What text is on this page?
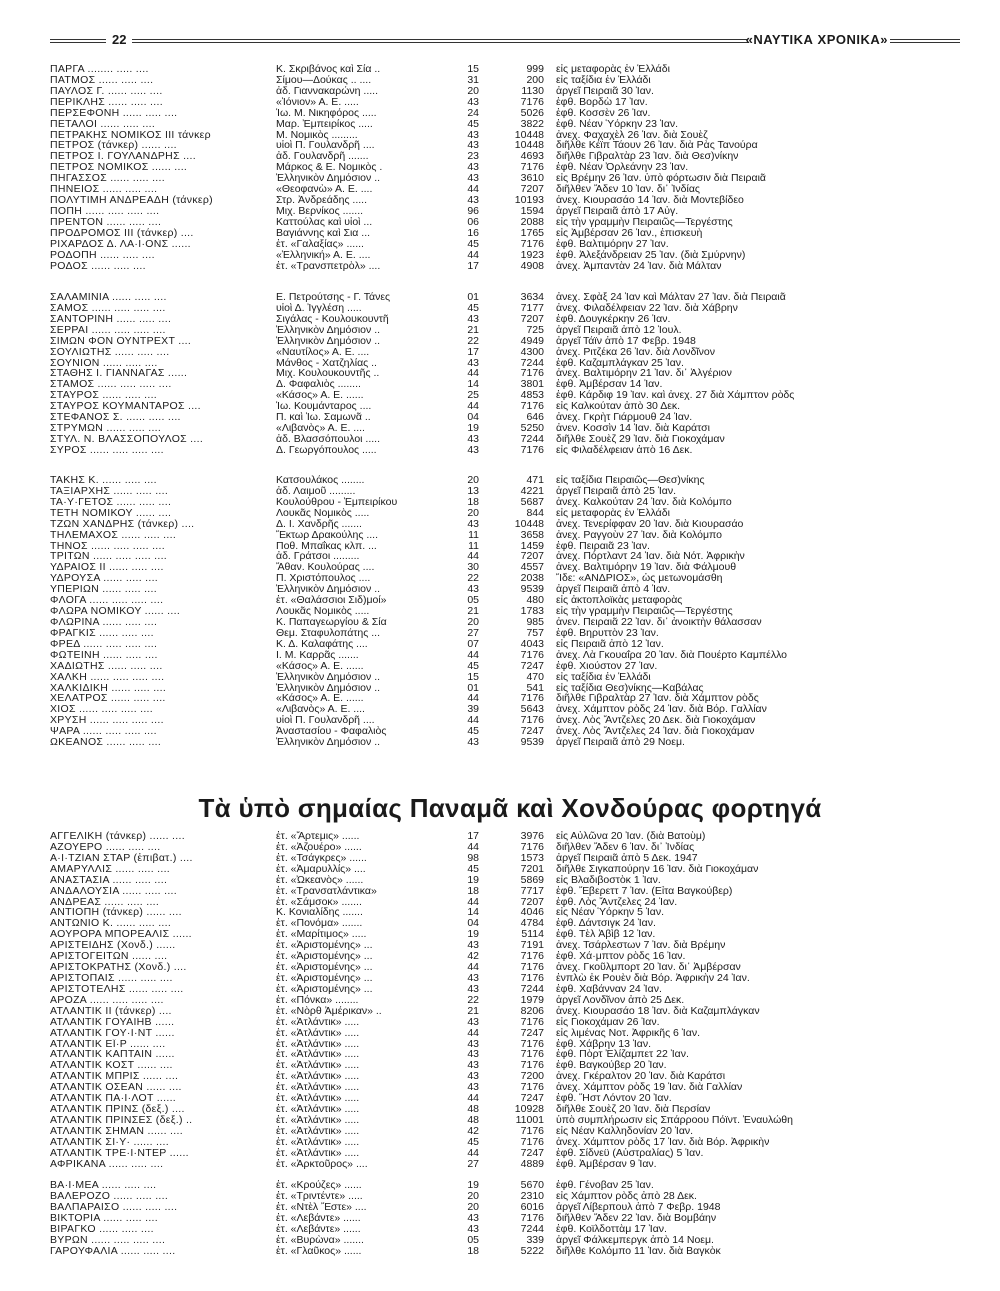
22	«ΝΑΥΤΙΚΑ ΧΡΟΝΙΚΑ»
ΠΑΡΓΑ ........ ..... ....	Κ. Σκριβάνος καὶ Σία ..	15	999 εἰς μεταφορὰς ἐν Ἑλλάδι
ΠΑΤΜΟΣ ...... ..... ....	Σίμου—Δούκας .. ....	31	200 εἰς ταξίδια ἐν Ἑλλάδι
ΠΑΥΛΟΣ Γ. ...... ..... ....	ἀδ. Γιαννακαρώνη .....	20	1130 ἀργεῖ Πειραιᾶ 30 Ἰαν.
ΠΕΡΙΚΛΗΣ ...... ..... ....	«Ἰόνιον» Α. Ε. .....	43	7176 ἐφθ. Βορδὼ 17 Ἰαν.
ΠΕΡΣΕΦΟΝΗ ...... ..... ....	Ἰω. Μ. Νικηφόρος .....	24	5026 ἐφθ. Κοσσὲν 26 Ἰαν.
ΠΕΤΑΛΟΙ ...... ..... ....	Μαρ. Ἐμπειρίκος .....	45	3822 ἐφθ. Νέαν Ὑόρκην 23 Ἰαν.
ΠΕΤΡΑΚΗΣ ΝΟΜΙΚΟΣ ΙΙΙ τάνκερ	Μ. Νομικὸς .........	43	10448 ἀνεχ. Φαχαχὲλ 26 Ἰαν. διὰ Σουὲζ
ΠΕΤΡΟΣ (τάνκερ) ...... ....	υἱοὶ Π. Γουλανδρῆ ....	43	10448 διῆλθε Κέϊπ Τάουν 26 Ἰαν. διὰ Ρὰς Τανούρα
ΠΕΤΡΟΣ Ι. ΓΟΥΛΑΝΔΡΗΣ ....	ἀδ. Γουλανδρῆ .......	23	4693 διῆλθε Γιβραλτὰρ 23 Ἰαν. διὰ Θεσ)νίκην
ΠΕΤΡΟΣ ΝΟΜΙΚΟΣ ...... ....	Μάρκος & Ε. Νομικὸς .	43	7176 ἐφθ. Νέαν Ὀρλεάνην 23 Ἰαν.
ΠΗΓΑΣΣΟΣ ...... ..... ....	Ἑλληνικὸν Δημόσιον ..	43	3610 εἰς Βρέμην 26 Ἰαν. ὑπὸ φόρτωσιν διὰ Πειραιᾶ
ΠΗΝΕΙΟΣ ...... ..... ....	«Θεοφανὼ» Α. Ε. ....	44	7207 διῆλθεν Ἄδεν 10 Ἰαν. δι᾽ Ἰνδίας
ΠΟΛΥΤΙΜΗ ΑΝΔΡΕΑΔΗ (τάνκερ)	Στρ. Ἀνδρεάδης .....	43	10193 ἀνεχ. Κιουρασάο 14 Ἰαν. διὰ Μοντεβίδεο
ΠΟΠΗ ...... ..... ..... ....	Μιχ. Βερνίκος .......	96	1594 ἀργεῖ Πειραιᾶ ἀπὸ 17 Αὐγ.
ΠΡΕΝΤΟΝ ...... ..... ....	Καττούλας καὶ υἱοὶ ...	06	2088 εἰς τὴν γραμμὴν Πειραιῶς—Τεργέστης
ΠΡΟΔΡΟΜΟΣ ΙΙΙ (τάνκερ) ....	Βαγιάννης καὶ Σια ...	16	1765 εἰς Ἀμβέρσαν 26 Ἰαν., ἐπισκευὴ
ΡΙΧΑΡΔΟΣ Δ. ΛΑ·Ι·ΟΝΣ ......	ἑτ. «Γαλαξίας» ......	45	7176 ἐφθ. Βαλτιμόρην 27 Ἰαν.
ΡΟΔΟΠΗ ...... ..... ....	«Ἑλληνική» Α. Ε. ....	44	1923 ἐφθ. Ἀλεξάνδρειαν 25 Ἰαν. (διὰ Σμύρνην)
ΡΟΔΟΣ ...... ..... ....	ἑτ. «Τρανσπετρὸλ» ....	17	4908 ἀνεχ. Ἀμπαντὰν 24 Ἰαν. διὰ Μάλταν
ΣΑΛΑΜΙΝΙΑ ...... ..... ....	Ε. Πετρούτσης - Γ. Τάνες	01	3634 ἀνεχ. Σφὰξ 24 Ἰαν καὶ Μάλταν 27 Ἰαν. διὰ Πειραιᾶ
ΣΑΜΟΣ ...... ..... ..... ....	υἱοὶ Δ. Ἰγγλέση .....	45	7177 ἀνεχ. Φιλαδέλφειαν 22 Ἰαν. διὰ Χάβρην
ΣΑΝΤΟΡΙΝΗ ...... ..... ....	Σιγάλας - Κουλουκουντῆ	43	7207 ἐφθ. Δουγκέρκην 26 Ἰαν.
ΣΕΡΡΑΙ ...... ..... ..... ....	Ἑλληνικὸν Δημόσιον ..	21	725 ἀργεῖ Πειραιᾶ ἀπὸ 12 Ἰουλ.
ΣΙΜΩΝ ΦΟΝ ΟΥΝΤΡΕΧΤ ....	Ἑλληνικὸν Δημόσιον ..	22	4949 ἀργεῖ Τάϊν ἀπὸ 17 Φεβρ. 1948
ΣΟΥΛΙΩΤΗΣ ...... ..... ....	«Ναυτίλος» Α. Ε. ....	17	4300 ἀνεχ. Ριτζέκα 26 Ἰαν. διὰ Λονδῖνον
ΣΟΥΝΙΟΝ ...... ..... ....	Μάνθος - Χατζηλίας ..	43	7244 ἐφθ. Καζαμπλάγκαν 25 Ἰαν.
ΣΤΑΘΗΣ Ι. ΓΙΑΝΝΑΓΑΣ ......	Μιχ. Κουλουκουντῆς ..	44	7176 ἀνεχ. Βαλτιμόρην 21 Ἰαν. δι᾽ Ἀλγέριον
ΣΤΑΜΟΣ ...... ..... ..... ....	Δ. Φαφαλιὸς ........	14	3801 ἐφθ. Ἀμβέρσαν 14 Ἰαν.
ΣΤΑΥΡΟΣ ...... ..... ....	«Κάσος» Α. Ε. ......	25	4853 ἐφθ. Κάρδιφ 19 Ἰαν. καὶ ἀνεχ. 27 διὰ Χάμπτον ρὸδς
ΣΤΑΥΡΟΣ ΚΟΥΜΑΝΤΑΡΟΣ ....	Ἰω. Κουμάνταρος ....	44	7176 εἰς Καλκούταν ἀπὸ 30 Δεκ.
ΣΤΕΦΑΝΟΣ Σ. ...... ..... ....	Π. καὶ Ἰω. Σαμωνᾶ ..	04	646 ἀνεχ. Γκρὴτ Γιάρμουθ 24 Ἰαν.
ΣΤΡΥΜΩΝ ...... ..... ....	«Λιβανὸς» Α. Ε. ....	19	5250 ἀνεν. Κοσσὶν 14 Ἰαν. διὰ Καράτσι
ΣΤΥΛ. Ν. ΒΛΑΣΣΟΠΟΥΛΟΣ ....	ἀδ. Βλασσόπουλοι .....	43	7244 διῆλθε Σουὲζ 29 Ἰαν. διὰ Γιοκοχάμαν
ΣΥΡΟΣ ...... ..... ..... ....	Δ. Γεωργόπουλος .....	43	7176 εἰς Φιλαδέλφειαν ἀπὸ 16 Δεκ.
ΤΑΚΗΣ Κ. ...... ..... ....	Κατσουλάκος ........	20	471 εἰς ταξίδια Πειραιῶς—Θεσ)νίκης
ΤΑΞΙΑΡΧΗΣ ...... ..... ....	ἀδ. Λαιμοῦ .........	13	4221 ἀργεῖ Πειραιᾶ ἀπὸ 25 Ἰαν.
ΤΑ·Υ·ΓΕΤΟΣ ...... ..... ....	Κουλούθρου - Ἐμπειρίκου	18	5687 ἀνεχ. Καλκούταν 24 Ἰαν. διὰ Κολόμπο
ΤΕΤΗ ΝΟΜΙΚΟΥ ...... ....	Λουκᾶς Νομικὸς .....	20	844 εἰς μεταφορὰς ἐν Ἑλλάδι
ΤΖΩΝ ΧΑΝΔΡΗΣ (τάνκερ) ....	Δ. Ι. Χανδρῆς .......	43	10448 ἀνεχ. Τενερίφφαν 20 Ἰαν. διὰ Κιουρασάο
ΤΗΛΕΜΑΧΟΣ ...... ..... ....	Ἕκτωρ Δρακούλης ....	11	3658 ἀνεχ. Ραγγοὺν 27 Ἰαν. διὰ Κολόμπο
ΤΗΝΟΣ ...... ..... ..... ....	Ποθ. Μπαΐκας κλπ. ...	11	1459 ἐφθ. Πειραιᾶ 23 Ἰαν.
ΤΡΙΤΩΝ ...... ..... ..... ....	ἀδ. Γράτσοι .........	44	7207 ἀνεχ. Πόρτλαντ 24 Ἰαν. διὰ Νότ. Ἀφρικὴν
ΥΔΡΑΙΟΣ ΙΙ ...... ..... ....	Ἄθαν. Κουλούρας ....	30	4557 ἀνεχ. Βαλτιμόρην 19 Ἰαν. διὰ Φάλμουθ
ΥΔΡΟΥΣΑ ...... ..... ....	Π. Χριστόπουλος ....	22	2038 Ἴδε: «ΑΝΔΡΙΟΣ», ὡς μετωνομάσθη
ΥΠΕΡΙΩΝ ...... ..... ....	Ἑλληνικὸν Δημόσιον ..	43	9539 ἀργεῖ Πειραιᾶ ἀπὸ 4 Ἰαν.
ΦΛΟΓΑ ...... ..... ..... ....	ἑτ. «Θαλάσσιοι Σιδ)μοί»	05	480 εἰς ἀκτοπλοϊκὰς μεταφορὰς
ΦΛΩΡΑ ΝΟΜΙΚΟΥ ...... ....	Λουκᾶς Νομικὸς .....	21	1783 εἰς τὴν γραμμὴν Πειραιῶς—Τεργέστης
ΦΛΩΡΙΝΑ ...... ..... ....	Κ. Παπαγεωργίου & Σία	20	985 ἀνεν. Πειραιᾶ 22 Ἰαν. δι᾽ ἀνοικτὴν θάλασσαν
ΦΡΑΓΚΙΣ ...... ..... ....	Θεμ. Σταφυλοπάτης ...	27	757 ἐφθ. Βηρυττὸν 23 Ἰαν.
ΦΡΕΔ ...... ..... ..... ....	Κ. Δ. Καλαφάτης ....	07	4043 εἰς Πειραιᾶ ἀπὸ 12 Ἰαν.
ΦΩΤΕΙΝΗ ...... ..... ....	Ι. Μ. Καρρᾶς .......	44	7176 ἀνεχ. Λὰ Γκουαΐρα 20 Ἰαν. διὰ Πουέρτο Καμπέλλο
ΧΑΔΙΩΤΗΣ ...... ..... ....	«Κάσος» Α. Ε. ......	45	7247 ἐφθ. Χιούστον 27 Ἰαν.
ΧΑΛΚΗ ...... ..... ..... ....	Ἑλληνικὸν Δημόσιον ..	15	470 εἰς ταξίδια ἐν Ἑλλάδι
ΧΑΛΚΙΔΙΚΗ ...... ..... ....	Ἑλληνικὸν Δημόσιον ..	01	541 εἰς ταξίδια Θεσ)νίκης—Καβάλας
ΧΕΛΑΤΡΟΣ ...... ..... ....	«Κάσος» Α. Ε. ......	44	7176 διῆλθε Γιβραλτὰρ 27 Ἰαν. διὰ Χάμπτον ρὸδς
ΧΙΟΣ ...... ..... ..... ....	«Λιβανὸς» Α. Ε. ....	39	5643 ἀνεχ. Χάμπτον ρὸδς 24 Ἰαν. διὰ Βόρ. Γαλλίαν
ΧΡΥΣΗ ...... ..... ..... ....	υἱοὶ Π. Γουλανδρῆ ....	44	7176 ἀνεχ. Λὸς Ἄντζελες 20 Δεκ. διὰ Γιοκοχάμαν
ΨΑΡΑ ...... ..... ..... ....	Ἀναστασίου - Φαφαλιὸς	45	7247 ἀνεχ. Λὸς Ἄντζελες 24 Ἰαν. διὰ Γιοκοχάμαν
ΩΚΕΑΝΟΣ ...... ..... ....	Ἑλληνικὸν Δημόσιον ..	43	9539 ἀργεῖ Πειραιᾶ ἀπὸ 29 Νοεμ.
Τὰ ὑπὸ σημαίας Παναμᾶ καὶ Χονδούρας φορτηγά
ΑΓΓΕΛΙΚΗ (τάνκερ) ...... ....	ἑτ. «Ἄρτεμις» ......	17	3976 εἰς Αὐλῶνα 20 Ἰαν. (διὰ Βατοὺμ)
ΑΖΟΥΕΡΟ ...... ..... ....	ἑτ. «Ἀζουέρο» ......	44	7176 διῆλθεν Ἄδεν 6 Ἰαν. δι᾽ Ἰνδίας
Α·Ι·ΤΖΙΑΝ ΣΤΑΡ (ἐπιβατ.) ....	ἑτ. «Τσάγκρες» ......	98	1573 ἀργεῖ Πειραιᾶ ἀπὸ 5 Δεκ. 1947
ΑΜΑΡΥΛΛΙΣ ...... ..... ....	ἑτ. «Ἀμαρυλλίς» ....	45	7201 διῆλθε Σιγκαπούρην 16 Ἰαν. διὰ Γιοκοχάμαν
ΑΝΑΣΤΑΣΙΑ ...... ..... ....	ἑτ. «Ὠκεανὸς» ......	19	5869 εἰς Βλαδιβοστὸκ 1 Ἰαν.
ΑΝΔΑΛΟΥΣΙΑ ...... ..... ....	ἑτ. «Τρανσατλάντικα»	18	7717 ἐφθ. Ἔβερεττ 7 Ἰαν. (Εἶτα Βαγκούβερ)
ΑΝΔΡΕΑΣ ...... ..... ....	ἑτ. «Σάμσοκ» .......	44	7207 ἐφθ. Λὸς Ἄντζελες 24 Ἰαν.
ΑΝΤΙΟΠΗ (τάνκερ) ...... ....	Κ. Κονιαλίδης .......	14	4046 εἰς Νέαν Ὑόρκην 5 Ἰαν.
ΑΝΤΩΝΙΟ Κ. ...... ..... ....	ἑτ. «Πονόμα» .......	04	4784 ἐφθ. Δάντσιγκ 24 Ἰαν.
ΑΟΥΡΟΡΑ ΜΠΟΡΕΑΛΙΣ ......	ἑτ. «Μαρίτιμος» .....	19	5114 ἐφθ. Τὲλ Ἀβὶβ 12 Ἰαν.
ΑΡΙΣΤΕΙΔΗΣ (Χονδ.) ......	ἑτ. «Ἀριστομένης» ...	43	7191 ἀνεχ. Τσάρλεστων 7 Ἰαν. διὰ Βρέμην
ΑΡΙΣΤΟΓΕΙΤΩΝ ...... ....	ἑτ. «Ἀριστομένης» ...	42	7176 ἐφθ. Χά·μπτον ρὸδς 16 Ἰαν.
ΑΡΙΣΤΟΚΡΑΤΗΣ (Χονδ.) ....	ἑτ. «Ἀριστομένης» ...	44	7176 ἀνεχ. Γκοῦλμπορτ 20 Ἰαν. δι᾽ Ἀμβέρσαν
ΑΡΙΣΤΟΠΑΙΣ ...... ..... ....	ἑτ. «Ἀριστομένης» ...	43	7176 ἐνπλὼ ἐκ Ρουὲν διὰ Βόρ. Ἀφρικὴν 24 Ἰαν.
ΑΡΙΣΤΟΤΕΛΗΣ ...... ..... ....	ἑτ. «Ἀριστομένης» ...	43	7244 ἐφθ. Χαβάνναν 24 Ἰαν.
ΑΡΟΖΑ ...... ..... ..... ....	ἑτ. «Πόνκα» ........	22	1979 ἀργεῖ Λονδῖνον ἀπὸ 25 Δεκ.
ΑΤΛΑΝΤΙΚ ΙΙ (τάνκερ) ....	ἑτ. «Νὸρθ Ἀμέρικαν» ..	21	8206 ἀνεχ. Κιουρασάο 18 Ἰαν. διὰ Καζαμπλάγκαν
ΑΤΛΑΝΤΙΚ ΓΟΥΑΙΗΒ ......	ἑτ. «Ἀτλάντικ» .....	43	7176 εἰς Γιοκοχάμαν 26 Ἰαν.
ΑΤΛΑΝΤΙΚ ΓΟΥ·Ι·ΝΤ ......	ἑτ. «Ἀτλάντικ» .....	44	7247 εἰς λιμένας Νοτ. Ἀφρικῆς 6 Ἰαν.
ΑΤΛΑΝΤΙΚ ΕΪ·Ρ ...... ....	ἑτ. «Ἀτλάντικ» .....	43	7176 ἐφθ. Χάβρην 13 Ἰαν.
ΑΤΛΑΝΤΙΚ ΚΑΠΤΑΙΝ ......	ἑτ. «Ἀτλάντικ» .....	43	7176 ἐφθ. Πὸρτ Ἐλίζαμπετ 22 Ἰαν.
ΑΤΛΑΝΤΙΚ ΚΟΣΤ ...... ....	ἑτ. «Ἀτλάντικ» .....	43	7176 ἐφθ. Βαγκούβερ 20 Ἰαν.
ΑΤΛΑΝΤΙΚ ΜΠΡΙΣ ...... ....	ἑτ. «Ἀτλάντικ» .....	43	7200 ἀνεχ. Γκέραλτον 20 Ἰαν. διὰ Καράτσι
ΑΤΛΑΝΤΙΚ ΟΣΕΑΝ ...... ....	ἑτ. «Ἀτλάντικ» .....	43	7176 ἀνεχ. Χάμπτον ρὸδς 19 Ἰαν. διὰ Γαλλίαν
ΑΤΛΑΝΤΙΚ ΠΑ·Ι·ΛΟΤ ......	ἑτ. «Ἀτλάντικ» .....	44	7247 ἐφθ. Ἥστ Λόντον 20 Ἰαν.
ΑΤΛΑΝΤΙΚ ΠΡΙΝΣ (δεξ.) ....	ἑτ. «Ἀτλάντικ» .....	48	10928 διῆλθε Σουὲζ 20 Ἰαν. διὰ Περσίαν
ΑΤΛΑΝΤΙΚ ΠΡΙΝΣΕΣ (δεξ.) ..	ἑτ. «Ἀτλάντικ» .....	48	11001 ὑπὸ συμπλήρωσιν εἰς Σπάρροου Πόϊντ. Ἐναυλώθη
ΑΤΛΑΝΤΙΚ ΣΗΜΑΝ ...... ....	ἑτ. «Ἀτλάντικ» .....	42	7176 εἰς Νέαν Καλληδονίαν 20 Ἰαν.
ΑΤΛΑΝΤΙΚ ΣΙ·Υ· ...... ....	ἑτ. «Ἀτλάντικ» .....	45	7176 ἀνεχ. Χάμπτον ρὸδς 17 Ἰαν. διὰ Βόρ. Ἀφρικὴν
ΑΤΛΑΝΤΙΚ ΤΡΕ·Ι·ΝΤΕΡ ......	ἑτ. «Ἀτλάντικ» .....	44	7247 ἐφθ. Σίδνεϋ (Αὐστραλίας) 5 Ἰαν.
ΑΦΡΙΚΑΝΑ ...... ..... ....	ἑτ. «Ἀρκτοῦρος» ....	27	4889 ἐφθ. Ἀμβέρσαν 9 Ἰαν.
ΒΑ·Ι·ΜΕΑ ...... ..... ....	ἑτ. «Κρούζες» ......	19	5670 ἐφθ. Γένοβαν 25 Ἰαν.
ΒΑΛΕΡΟΖΟ ...... ..... ....	ἑτ. «Τριντέντε» .....	20	2310 εἰς Χάμπτον ρὸδς ἀπὸ 28 Δεκ.
ΒΑΛΠΑΡΑΙΣΟ ...... ..... ....	ἑτ. «Ντὲλ Ἔστε» ....	20	6016 ἀργεῖ Λίβερπουλ ἀπὸ 7 Φεβρ. 1948
ΒΙΚΤΟΡΙΑ ...... ..... ....	ἑτ. «Λεβάντε» ......	43	7176 διῆλθεν Ἄδεν 22 Ἰαν. διὰ Βομβάην
ΒΙΡΑΓΚΟ ...... ..... ....	ἑτ. «Λεβάντε» ......	43	7244 ἐφθ. Κοϊλδοττὰμ 17 Ἰαν.
ΒΥΡΩΝ ...... ..... ..... ....	ἑτ. «Βυρὼνα» .......	05	339 ἀργεῖ Φάλκεμπεργκ ἀπὸ 14 Νοεμ.
ΓΑΡΟΥΦΑΛΙΑ ...... ..... ....	ἑτ. «Γλαῦκος» ......	18	5222 διῆλθε Κολόμπο 11 Ἰαν. διὰ Βαγκὸκ
